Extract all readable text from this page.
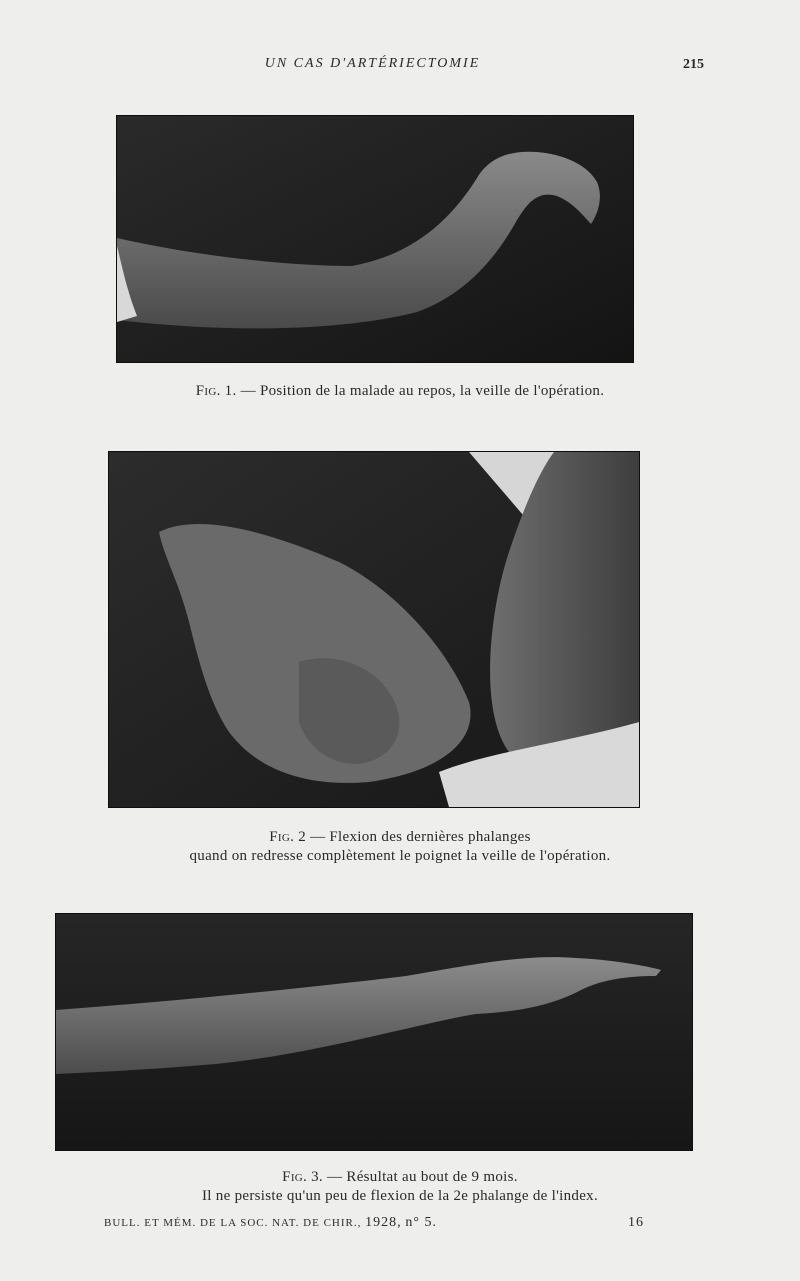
UN CAS D'ARTÉRIECTOMIE	215
Fig. 1. — Position de la malade au repos, la veille de l'opération.
Fig. 2 — Flexion des dernières phalanges
quand on redresse complètement le poignet la veille de l'opération.
Fig. 3. — Résultat au bout de 9 mois.
Il ne persiste qu'un peu de flexion de la 2e phalange de l'index.
BULL. ET MÉM. DE LA SOC. NAT. DE CHIR., 1928, n° 5.	16
